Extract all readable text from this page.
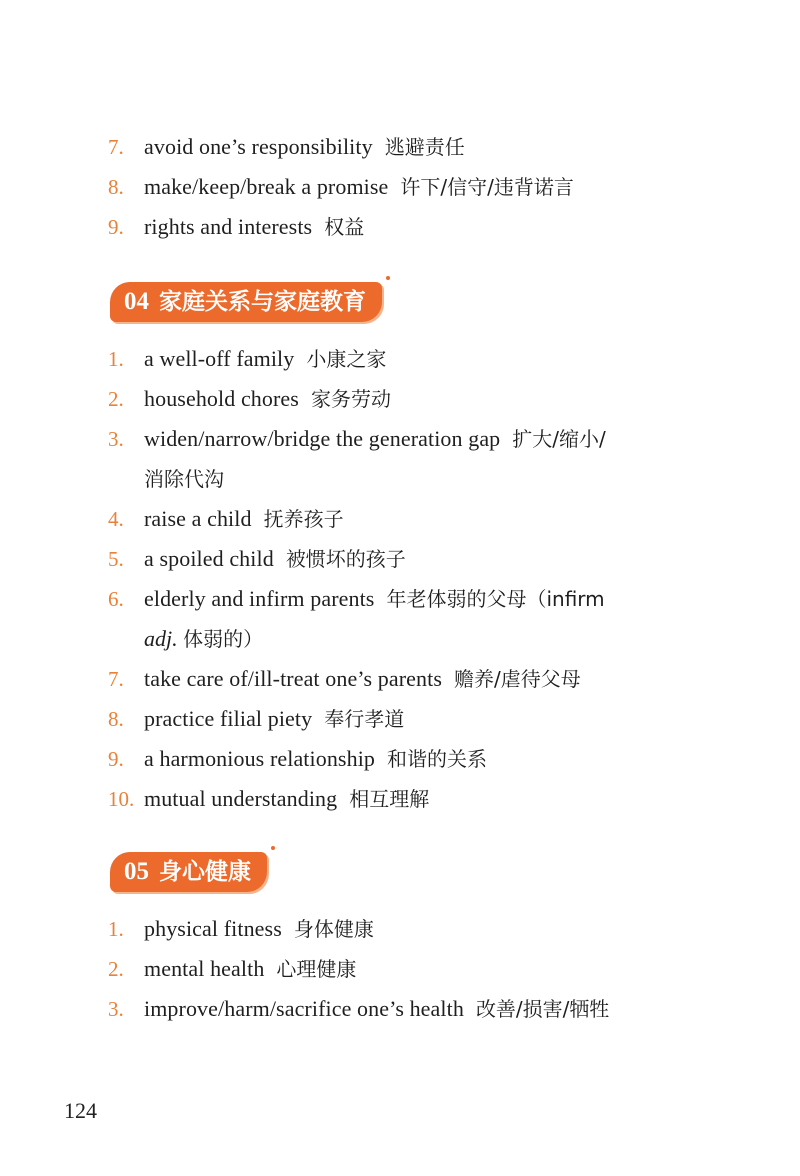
7. avoid one’s responsibility 逃避责任
8. make/keep/break a promise 许下/信守/违背诺言
9. rights and interests 权益
04 家庭关系与家庭教育
1. a well-off family 小康之家
2. household chores 家务劳动
3. widen/narrow/bridge the generation gap 扩大/缩小/
消除代沟
4. raise a child 抚养孩子
5. a spoiled child 被惯坏的孩子
6. elderly and infirm parents 年老体弱的父母（infirm
adj. 体弱的）
7. take care of/ill-treat one’s parents 赡养/虐待父母
8. practice filial piety 奉行孝道
9. a harmonious relationship 和谐的关系
10. mutual understanding 相互理解
05 身心健康
1. physical fitness 身体健康
2. mental health 心理健康
3. improve/harm/sacrifice one’s health 改善/损害/牺牲
124
